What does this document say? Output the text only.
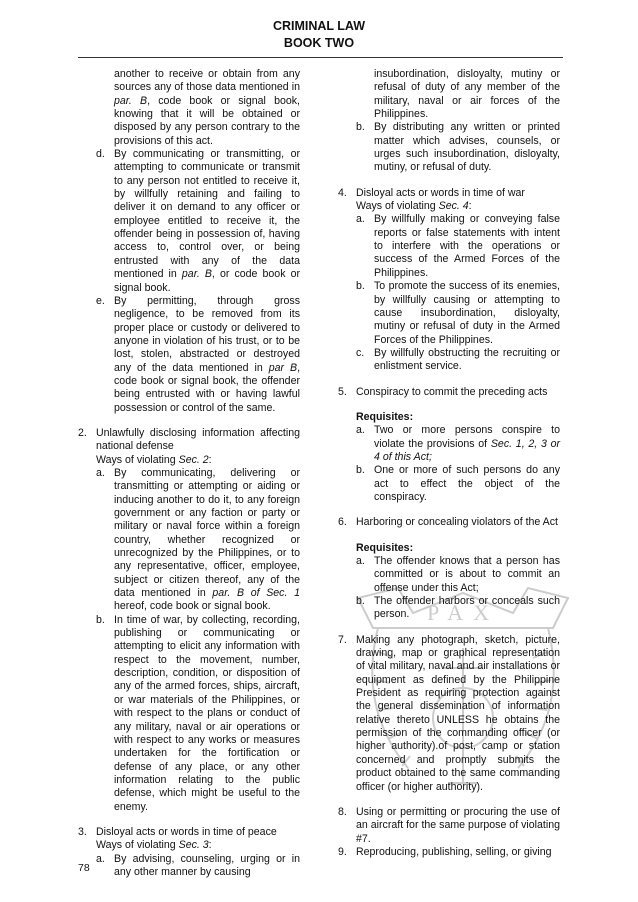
CRIMINAL LAW
BOOK TWO
PAX
another to receive or obtain from any sources any of those data mentioned in par. B, code book or signal book, knowing that it will be obtained or disposed by any person contrary to the provisions of this act.
d. By communicating or transmitting, or attempting to communicate or transmit to any person not entitled to receive it, by willfully retaining and failing to deliver it on demand to any officer or employee entitled to receive it, the offender being in possession of, having access to, control over, or being entrusted with any of the data mentioned in par. B, or code book or signal book.
e. By permitting, through gross negligence, to be removed from its proper place or custody or delivered to anyone in violation of his trust, or to be lost, stolen, abstracted or destroyed any of the data mentioned in par B, code book or signal book, the offender being entrusted with or having lawful possession or control of the same.
2. Unlawfully disclosing information affecting national defense
Ways of violating Sec. 2:
a. By communicating, delivering or transmitting or attempting or aiding or inducing another to do it, to any foreign government or any faction or party or military or naval force within a foreign country, whether recognized or unrecognized by the Philippines, or to any representative, officer, employee, subject or citizen thereof, any of the data mentioned in par. B of Sec. 1 hereof, code book or signal book.
b. In time of war, by collecting, recording, publishing or communicating or attempting to elicit any information with respect to the movement, number, description, condition, or disposition of any of the armed forces, ships, aircraft, or war materials of the Philippines, or with respect to the plans or conduct of any military, naval or air operations or with respect to any works or measures undertaken for the fortification or defense of any place, or any other information relating to the public defense, which might be useful to the enemy.
3. Disloyal acts or words in time of peace
Ways of violating Sec. 3:
a. By advising, counseling, urging or in any other manner by causing
insubordination, disloyalty, mutiny or refusal of duty of any member of the military, naval or air forces of the Philippines.
b. By distributing any written or printed matter which advises, counsels, or urges such insubordination, disloyalty, mutiny, or refusal of duty.
4. Disloyal acts or words in time of war
Ways of violating Sec. 4:
a. By willfully making or conveying false reports or false statements with intent to interfere with the operations or success of the Armed Forces of the Philippines.
b. To promote the success of its enemies, by willfully causing or attempting to cause insubordination, disloyalty, mutiny or refusal of duty in the Armed Forces of the Philippines.
c. By willfully obstructing the recruiting or enlistment service.
5. Conspiracy to commit the preceding acts
Requisites:
a. Two or more persons conspire to violate the provisions of Sec. 1, 2, 3 or 4 of this Act;
b. One or more of such persons do any act to effect the object of the conspiracy.
6. Harboring or concealing violators of the Act
Requisites:
a. The offender knows that a person has committed or is about to commit an offense under this Act;
b. The offender harbors or conceals such person.
7. Making any photograph, sketch, picture, drawing, map or graphical representation of vital military, naval and air installations or equipment as defined by the Philippine President as requiring protection against the general dissemination of information relative thereto UNLESS he obtains the permission of the commanding officer (or higher authority).of post, camp or station concerned and promptly submits the product obtained to the same commanding officer (or higher authority).
8. Using or permitting or procuring the use of an aircraft for the same purpose of violating #7.
9. Reproducing, publishing, selling, or giving
78
